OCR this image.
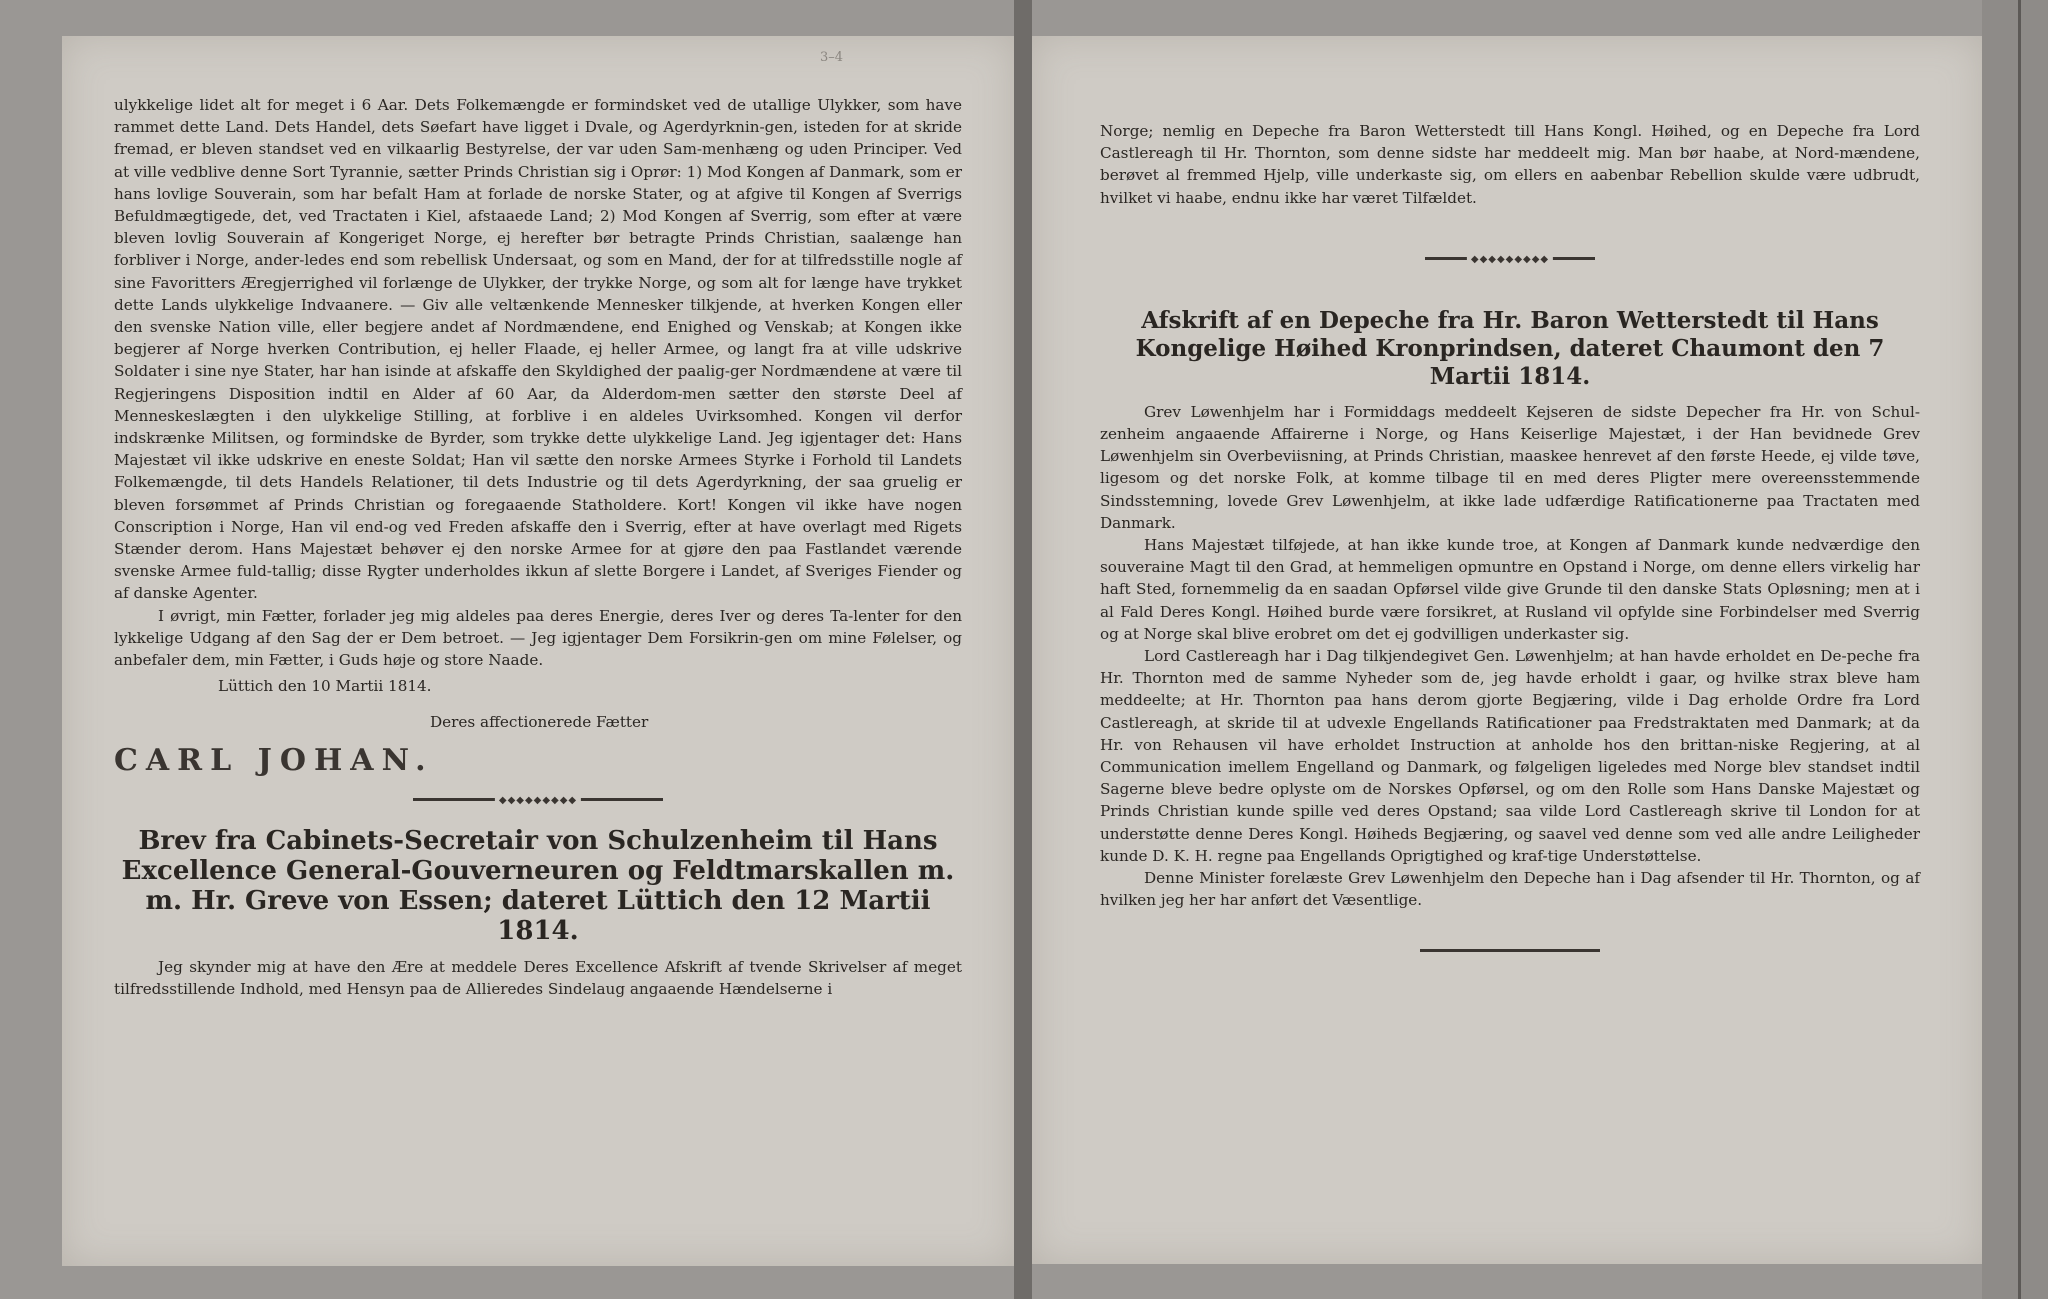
3–4

ulykkelige lidet alt for meget i 6 Aar. Dets Folkemængde er formindsket ved de utallige Ulykker, som have rammet dette Land. Dets Handel, dets Søefart have ligget i Dvale, og Agerdyrknin-gen, isteden for at skride fremad, er bleven standset ved en vilkaarlig Bestyrelse, der var uden Sam-menhæng og uden Principer. Ved at ville vedblive denne Sort Tyrannie, sætter Prinds Christian sig i Oprør: 1) Mod Kongen af Danmark, som er hans lovlige Souverain, som har befalt Ham at forlade de norske Stater, og at afgive til Kongen af Sverrigs Befuldmægtigede, det, ved Tractaten i Kiel, afstaaede Land; 2) Mod Kongen af Sverrig, som efter at være bleven lovlig Souverain af Kongeriget Norge, ej herefter bør betragte Prinds Christian, saalænge han forbliver i Norge, ander-ledes end som rebellisk Undersaat, og som en Mand, der for at tilfredsstille nogle af sine Favoritters Æregjerrighed vil forlænge de Ulykker, der trykke Norge, og som alt for længe have trykket dette Lands ulykkelige Indvaanere. — Giv alle veltænkende Mennesker tilkjende, at hverken Kongen eller den svenske Nation ville, eller begjere andet af Nordmændene, end Enighed og Venskab; at Kongen ikke begjerer af Norge hverken Contribution, ej heller Flaade, ej heller Armee, og langt fra at ville udskrive Soldater i sine nye Stater, har han isinde at afskaffe den Skyldighed der paalig-ger Nordmændene at være til Regjeringens Disposition indtil en Alder af 60 Aar, da Alderdom-men sætter den største Deel af Menneskeslægten i den ulykkelige Stilling, at forblive i en aldeles Uvirksomhed. Kongen vil derfor indskrænke Militsen, og formindske de Byrder, som trykke dette ulykkelige Land. Jeg igjentager det: Hans Majestæt vil ikke udskrive en eneste Soldat; Han vil sætte den norske Armees Styrke i Forhold til Landets Folkemængde, til dets Handels Relationer, til dets Industrie og til dets Agerdyrkning, der saa gruelig er bleven forsømmet af Prinds Christian og foregaaende Statholdere. Kort! Kongen vil ikke have nogen Conscription i Norge, Han vil end-og ved Freden afskaffe den i Sverrig, efter at have overlagt med Rigets Stænder derom. Hans Majestæt behøver ej den norske Armee for at gjøre den paa Fastlandet værende svenske Armee fuld-tallig; disse Rygter underholdes ikkun af slette Borgere i Landet, af Sveriges Fiender og af danske Agenter.

I øvrigt, min Fætter, forlader jeg mig aldeles paa deres Energie, deres Iver og deres Ta-lenter for den lykkelige Udgang af den Sag der er Dem betroet. — Jeg igjentager Dem Forsikrin-gen om mine Følelser, og anbefaler dem, min Fætter, i Guds høje og store Naade.

Lüttich den 10 Martii 1814.

Deres affectionerede Fætter

CARL JOHAN.

◆◆◆◆◆◆◆◆◆

Brev fra Cabinets-Secretair von Schulzenheim til Hans Excellence General-Gouverneuren og Feldtmarskallen m. m. Hr. Greve von Essen; dateret Lüttich den 12 Martii 1814.

Jeg skynder mig at have den Ære at meddele Deres Excellence Afskrift af tvende Skrivelser af meget tilfredsstillende Indhold, med Hensyn paa de Allieredes Sindelaug angaaende Hændelserne i

Norge; nemlig en Depeche fra Baron Wetterstedt till Hans Kongl. Høihed, og en Depeche fra Lord Castlereagh til Hr. Thornton, som denne sidste har meddeelt mig. Man bør haabe, at Nord-mændene, berøvet al fremmed Hjelp, ville underkaste sig, om ellers en aabenbar Rebellion skulde være udbrudt, hvilket vi haabe, endnu ikke har været Tilfældet.

◆◆◆◆◆◆◆◆◆

Afskrift af en Depeche fra Hr. Baron Wetterstedt til Hans Kongelige Høihed Kronprindsen, dateret Chaumont den 7 Martii 1814.

Grev Løwenhjelm har i Formiddags meddeelt Kejseren de sidste Depecher fra Hr. von Schul-zenheim angaaende Affairerne i Norge, og Hans Keiserlige Majestæt, i der Han bevidnede Grev Løwenhjelm sin Overbeviisning, at Prinds Christian, maaskee henrevet af den første Heede, ej vilde tøve, ligesom og det norske Folk, at komme tilbage til en med deres Pligter mere overeensstemmende Sindsstemning, lovede Grev Løwenhjelm, at ikke lade udfærdige Ratificationerne paa Tractaten med Danmark.

Hans Majestæt tilføjede, at han ikke kunde troe, at Kongen af Danmark kunde nedværdige den souveraine Magt til den Grad, at hemmeligen opmuntre en Opstand i Norge, om denne ellers virkelig har haft Sted, fornemmelig da en saadan Opførsel vilde give Grunde til den danske Stats Opløsning; men at i al Fald Deres Kongl. Høihed burde være forsikret, at Rusland vil opfylde sine Forbindelser med Sverrig og at Norge skal blive erobret om det ej godvilligen underkaster sig.

Lord Castlereagh har i Dag tilkjendegivet Gen. Løwenhjelm; at han havde erholdet en De-peche fra Hr. Thornton med de samme Nyheder som de, jeg havde erholdt i gaar, og hvilke strax bleve ham meddeelte; at Hr. Thornton paa hans derom gjorte Begjæring, vilde i Dag erholde Ordre fra Lord Castlereagh, at skride til at udvexle Engellands Ratificationer paa Fredstraktaten med Danmark; at da Hr. von Rehausen vil have erholdet Instruction at anholde hos den brittan-niske Regjering, at al Communication imellem Engelland og Danmark, og følgeligen ligeledes med Norge blev standset indtil Sagerne bleve bedre oplyste om de Norskes Opførsel, og om den Rolle som Hans Danske Majestæt og Prinds Christian kunde spille ved deres Opstand; saa vilde Lord Castlereagh skrive til London for at understøtte denne Deres Kongl. Høiheds Begjæring, og saavel ved denne som ved alle andre Leiligheder kunde D. K. H. regne paa Engellands Oprigtighed og kraf-tige Understøttelse.

Denne Minister forelæste Grev Løwenhjelm den Depeche han i Dag afsender til Hr. Thornton, og af hvilken jeg her har anført det Væsentlige.
